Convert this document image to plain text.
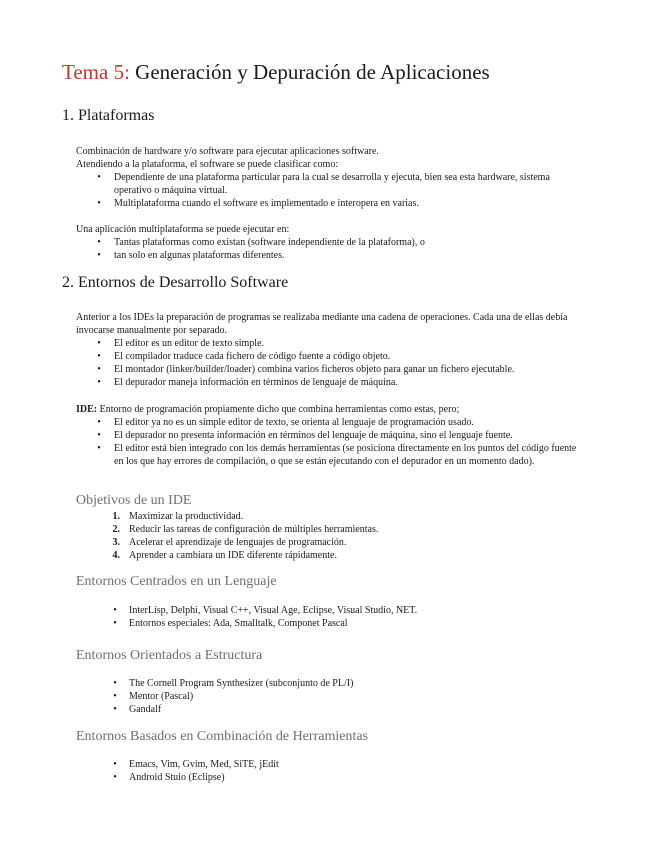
Tema 5: Generación y Depuración de Aplicaciones
1. Plataformas
Combinación de hardware y/o software para ejecutar aplicaciones software.
Atendiendo a la plataforma, el software se puede clasificar como:
•	Dependiente de una plataforma particular para la cual se desarrolla y ejecuta, bien sea esta hardware, sistema operativo o máquina virtual.
•	Multiplataforma cuando el software es implementado e interopera en varias.
Una aplicación multiplataforma se puede ejecutar en:
•	Tantas plataformas como existan (software independiente de la plataforma), o
•	tan solo en algunas plataformas diferentes.
2. Entornos de Desarrollo Software
Anterior a los IDEs la preparación de programas se realizaba mediante una cadena de operaciones. Cada una de ellas debía invocarse manualmente por separado.
•	El editor es un editor de texto simple.
•	El compilador traduce cada fichero de código fuente a código objeto.
•	El montador (linker/builder/loader) combina varios ficheros objeto para ganar un fichero ejecutable.
•	El depurador maneja información en términos de lenguaje de máquina.
IDE: Entorno de programación propiamente dicho que combina herramientas como estas, pero;
•	El editor ya no es un simple editor de texto, se orienta al lenguaje de programación usado.
•	El depurador no presenta información en términos del lenguaje de máquina, sino el lenguaje fuente.
•	El editor está bien integrado con los demás herramientas (se posiciona directamente en los puntos del código fuente en los que hay errores de compilación, o que se están ejecutando con el depurador en un momento dado).
Objetivos de un IDE
1. Maximizar la productividad.
2. Reducir las tareas de configuración de múltiples herramientas.
3. Acelerar el aprendizaje de lenguajes de programación.
4. Aprender a cambiara un IDE diferente rápidamente.
Entornos Centrados en un Lenguaje
•	InterLisp, Delphi, Visual C++, Visual Age, Eclipse, Visual Studio, NET.
•	Entornos especiales: Ada, Smalltalk, Componet Pascal
Entornos Orientados a Estructura
•	The Cornell Program Synthesizer (subconjunto de PL/I)
•	Mentor (Pascal)
•	Gandalf
Entornos Basados en Combinación de Herramientas
•	Emacs, Vim, Gvim, Med, SiTE, jEdit
•	Android Stuio (Eclipse)
